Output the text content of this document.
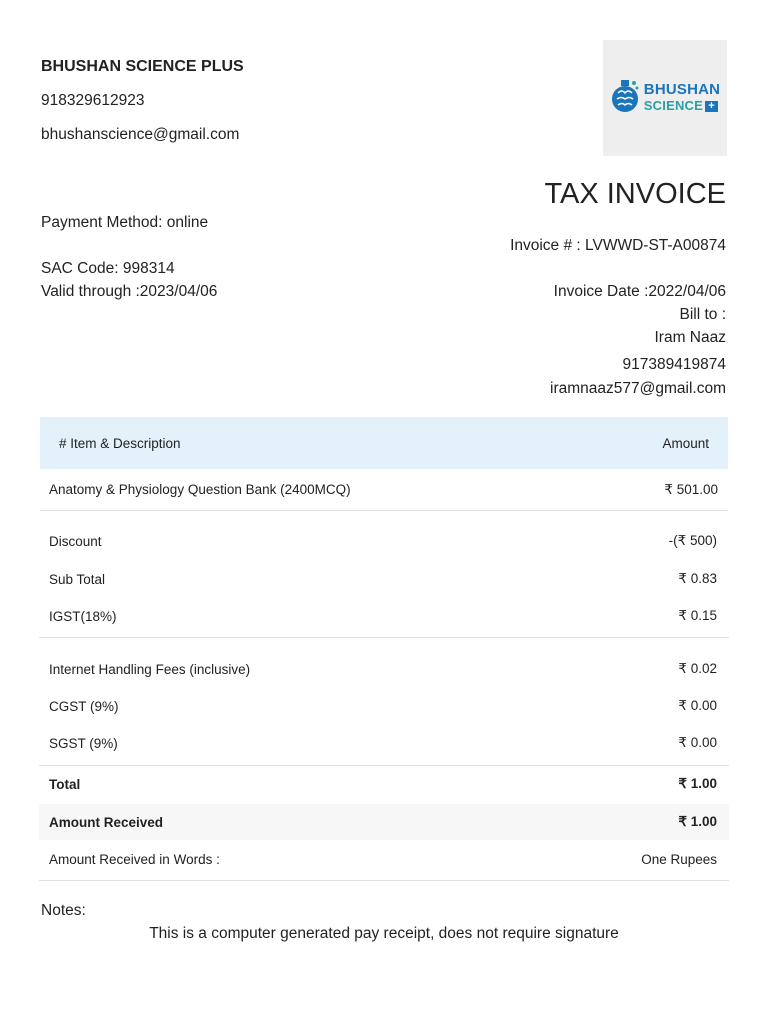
BHUSHAN SCIENCE PLUS
918329612923
bhushanscience@gmail.com
BHUSHAN
SCIENCE +
TAX INVOICE
Payment Method: online
Invoice # : LVWWD-ST-A00874
SAC Code: 998314
Valid through :2023/04/06	Invoice Date :2022/04/06
Bill to :
Iram Naaz
917389419874
iramnaaz577@gmail.com
# Item & Description	Amount
Anatomy & Physiology Question Bank (2400MCQ)	₹ 501.00
Discount	-(₹ 500)
Sub Total	₹ 0.83
IGST(18%)	₹ 0.15
Internet Handling Fees (inclusive)	₹ 0.02
CGST (9%)	₹ 0.00
SGST (9%)	₹ 0.00
Total	₹ 1.00
Amount Received	₹ 1.00
Amount Received in Words :	One Rupees
Notes:
This is a computer generated pay receipt, does not require signature
